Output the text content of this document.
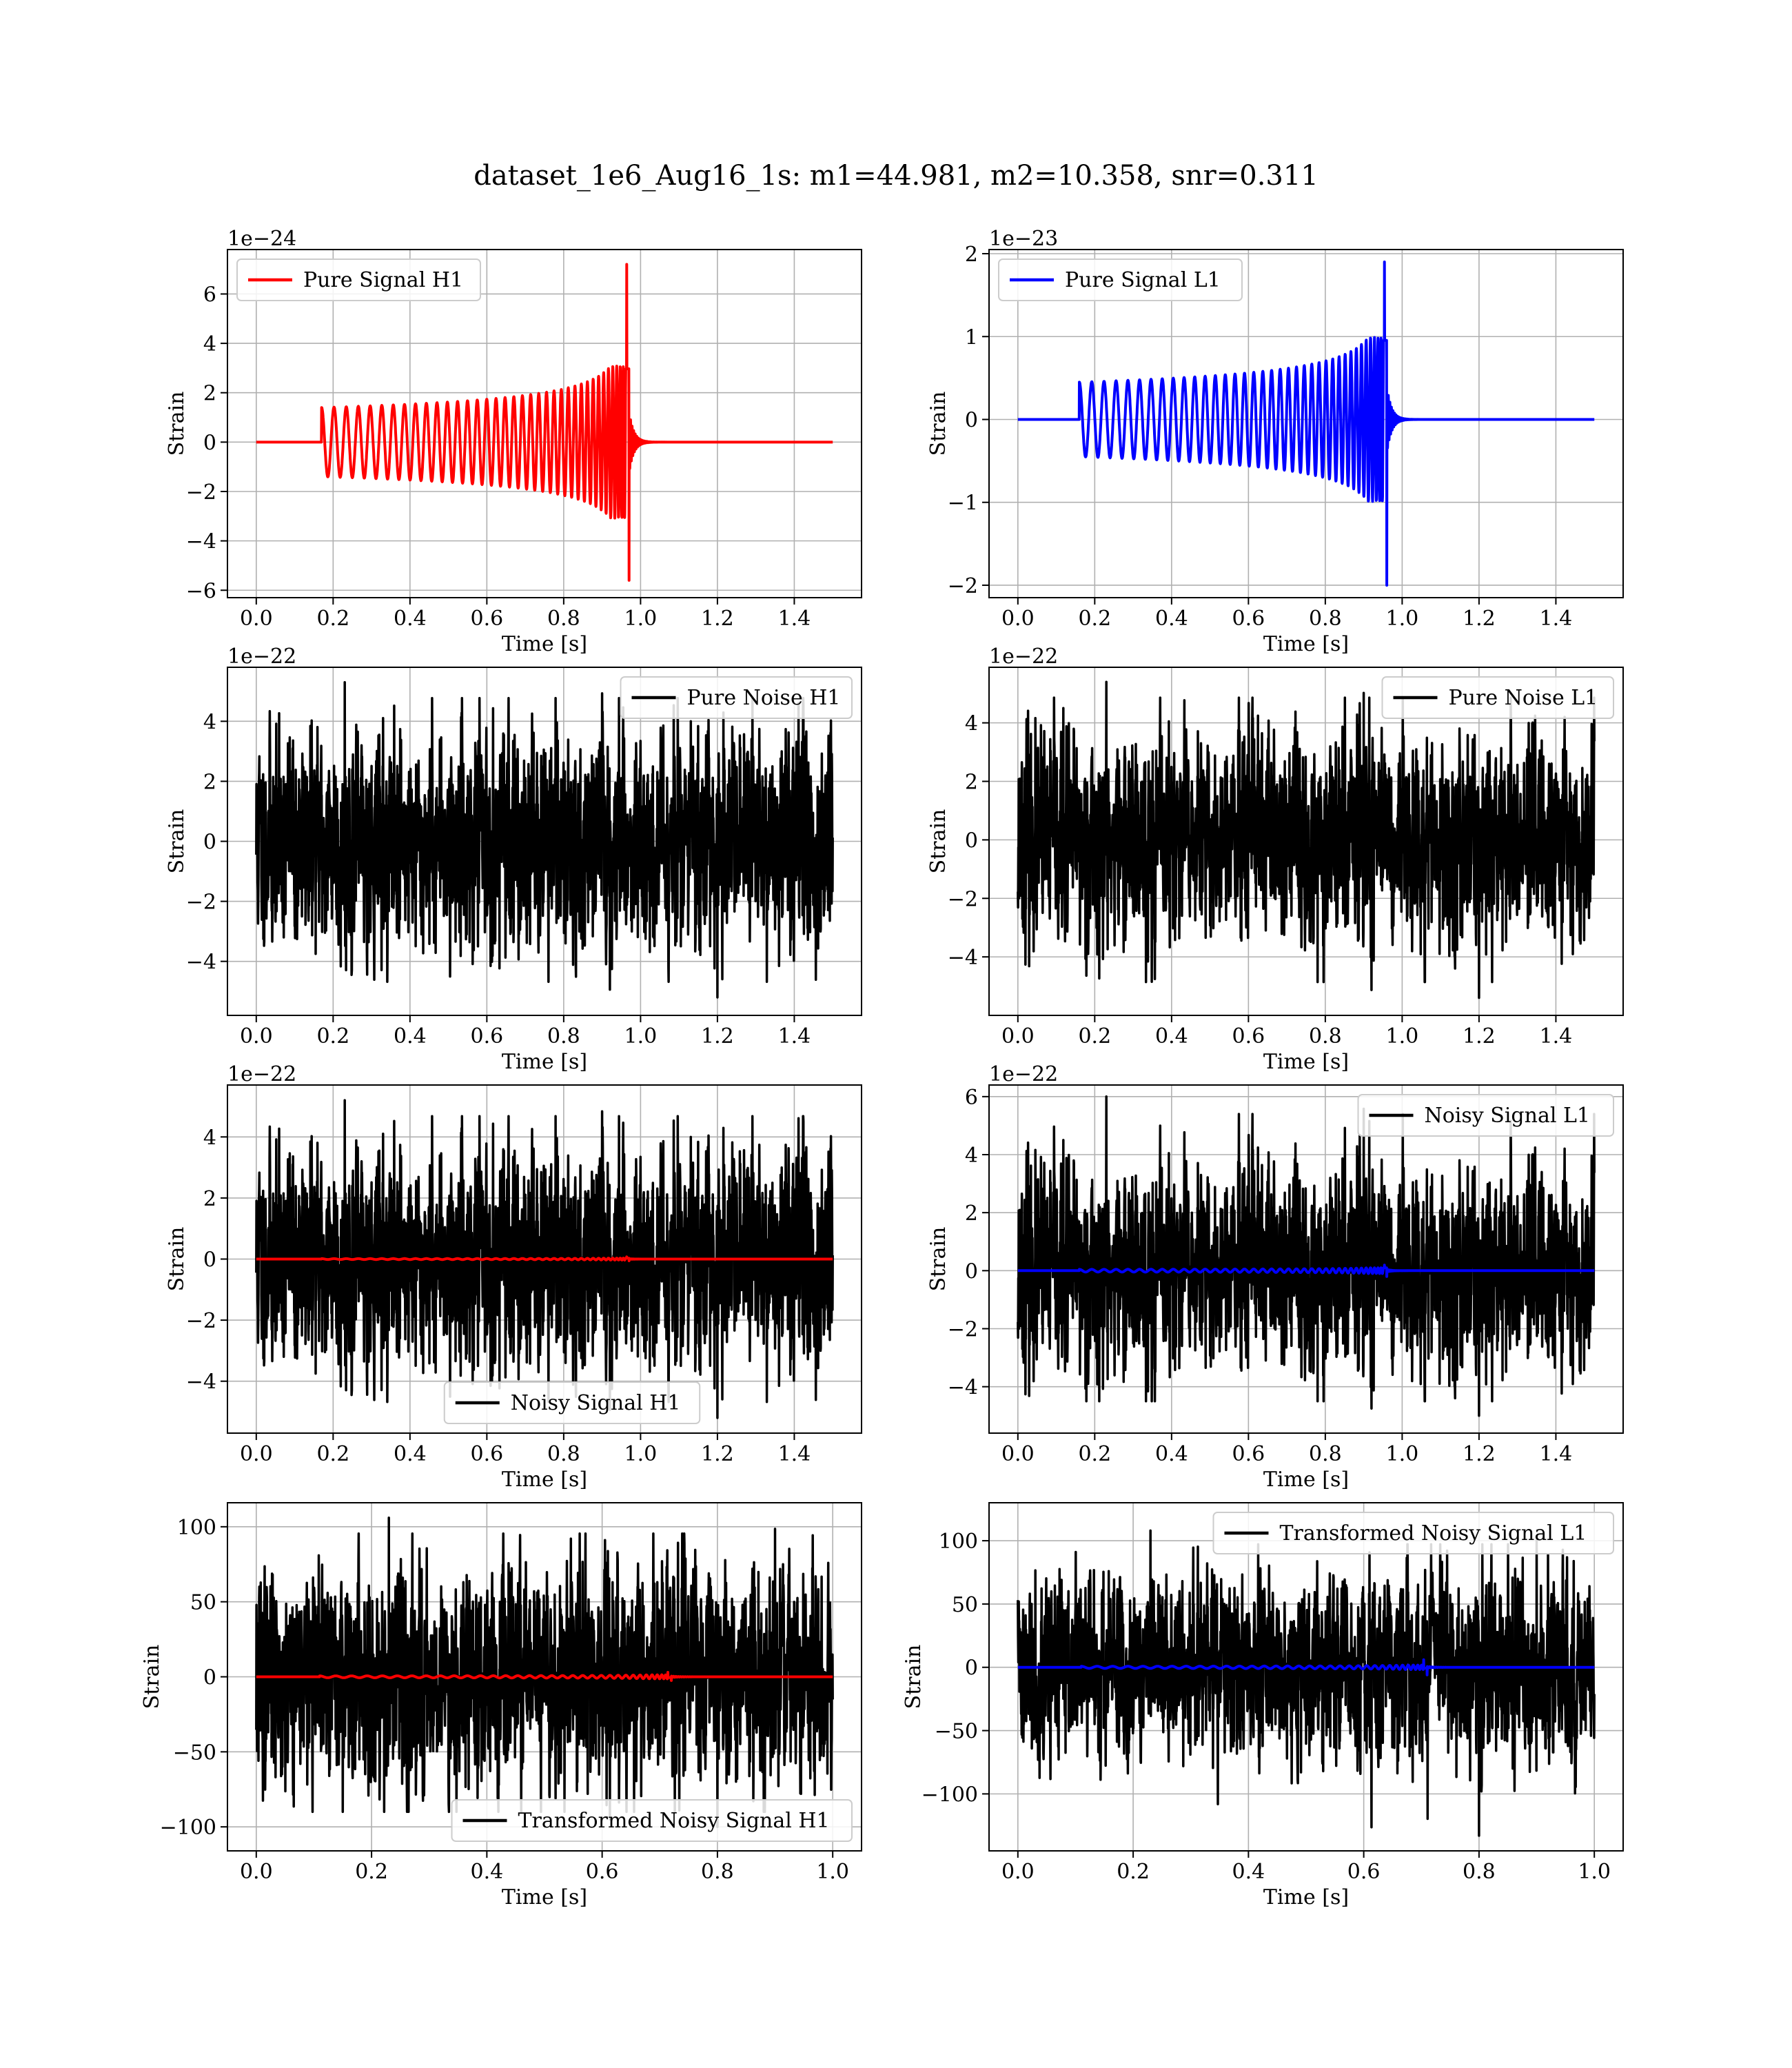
dataset_1e6_Aug16_1s: m1=44.981, m2=10.358, snr=0.311
0.0 0.2 0.4 0.6 0.8 1.0 1.2 1.4
−6
−4
−2
0
2
4
6
Time [s]
Strain
1e−24
Pure Signal H1
0.0 0.2 0.4 0.6 0.8 1.0 1.2 1.4
−2
−1
0
1
2
Time [s]
Strain
1e−23
Pure Signal L1
0.0 0.2 0.4 0.6 0.8 1.0 1.2 1.4
−4
−2
0
2
4
Time [s]
Strain
1e−22
Pure Noise H1
0.0 0.2 0.4 0.6 0.8 1.0 1.2 1.4
−4
−2
0
2
4
Time [s]
Strain
1e−22
Pure Noise L1
0.0 0.2 0.4 0.6 0.8 1.0 1.2 1.4
−4
−2
0
2
4
Time [s]
Strain
1e−22
Noisy Signal H1
0.0 0.2 0.4 0.6 0.8 1.0 1.2 1.4
−4
−2
0
2
4
6
Time [s]
Strain
1e−22
Noisy Signal L1
0.0	0.2	0.4	0.6	0.8	1.0
−100
−50
0
50
100
Time [s]
Strain
Transformed Noisy Signal H1
0.0	0.2	0.4	0.6	0.8	1.0
−100
−50
0
50
100
Time [s]
Strain
Transformed Noisy Signal L1
